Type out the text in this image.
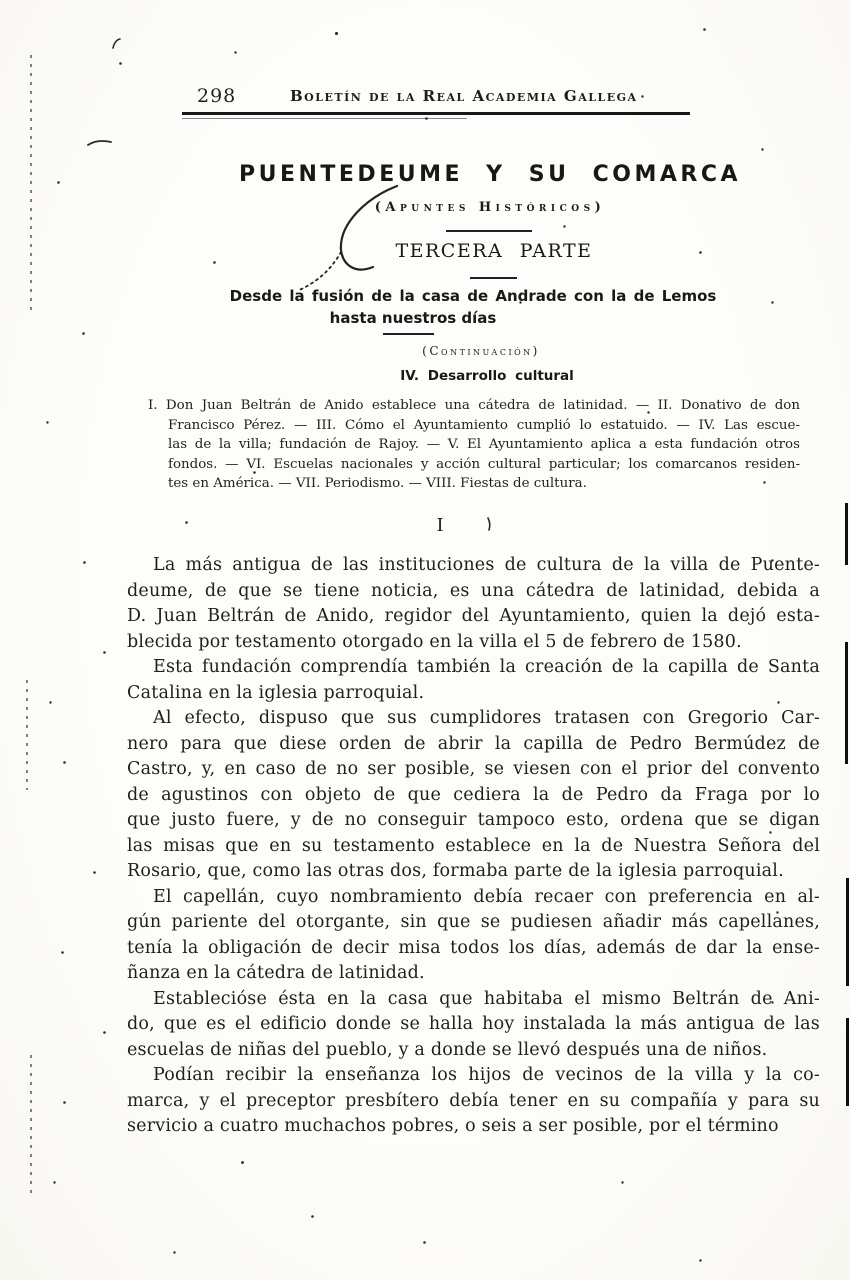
298	Boletín de la Real Academia Gallega
PUENTEDEUME Y SU COMARCA
(Apuntes Históricos)
TERCERA PARTE
Desde la fusión de la casa de Andrade con la de Lemos
hasta nuestros días
(Continuación)
IV. Desarrollo cultural
I. Don Juan Beltrán de Anido establece una cátedra de latinidad. — II. Donativo de don
Francisco Pérez. — III. Cómo el Ayuntamiento cumplió lo estatuido. — IV. Las escue-
las de la villa; fundación de Rajoy. — V. El Ayuntamiento aplica a esta fundación otros
fondos. — VI. Escuelas nacionales y acción cultural particular; los comarcanos residen-
tes en América. — VII. Periodismo. — VIII. Fiestas de cultura.
I
La más antigua de las instituciones de cultura de la villa de Puente-
deume, de que se tiene noticia, es una cátedra de latinidad, debida a
D. Juan Beltrán de Anido, regidor del Ayuntamiento, quien la dejó esta-
blecida por testamento otorgado en la villa el 5 de febrero de 1580.
Esta fundación comprendía también la creación de la capilla de Santa
Catalina en la iglesia parroquial.
Al efecto, dispuso que sus cumplidores tratasen con Gregorio Car-
nero para que diese orden de abrir la capilla de Pedro Bermúdez de
Castro, y, en caso de no ser posible, se viesen con el prior del convento
de agustinos con objeto de que cediera la de Pedro da Fraga por lo
que justo fuere, y de no conseguir tampoco esto, ordena que se digan
las misas que en su testamento establece en la de Nuestra Señora del
Rosario, que, como las otras dos, formaba parte de la iglesia parroquial.
El capellán, cuyo nombramiento debía recaer con preferencia en al-
gún pariente del otorgante, sin que se pudiesen añadir más capellanes,
tenía la obligación de decir misa todos los días, además de dar la ense-
ñanza en la cátedra de latinidad.
Establecióse ésta en la casa que habitaba el mismo Beltrán de Ani-
do, que es el edificio donde se halla hoy instalada la más antigua de las
escuelas de niñas del pueblo, y a donde se llevó después una de niños.
Podían recibir la enseñanza los hijos de vecinos de la villa y la co-
marca, y el preceptor presbítero debía tener en su compañía y para su
servicio a cuatro muchachos pobres, o seis a ser posible, por el término
